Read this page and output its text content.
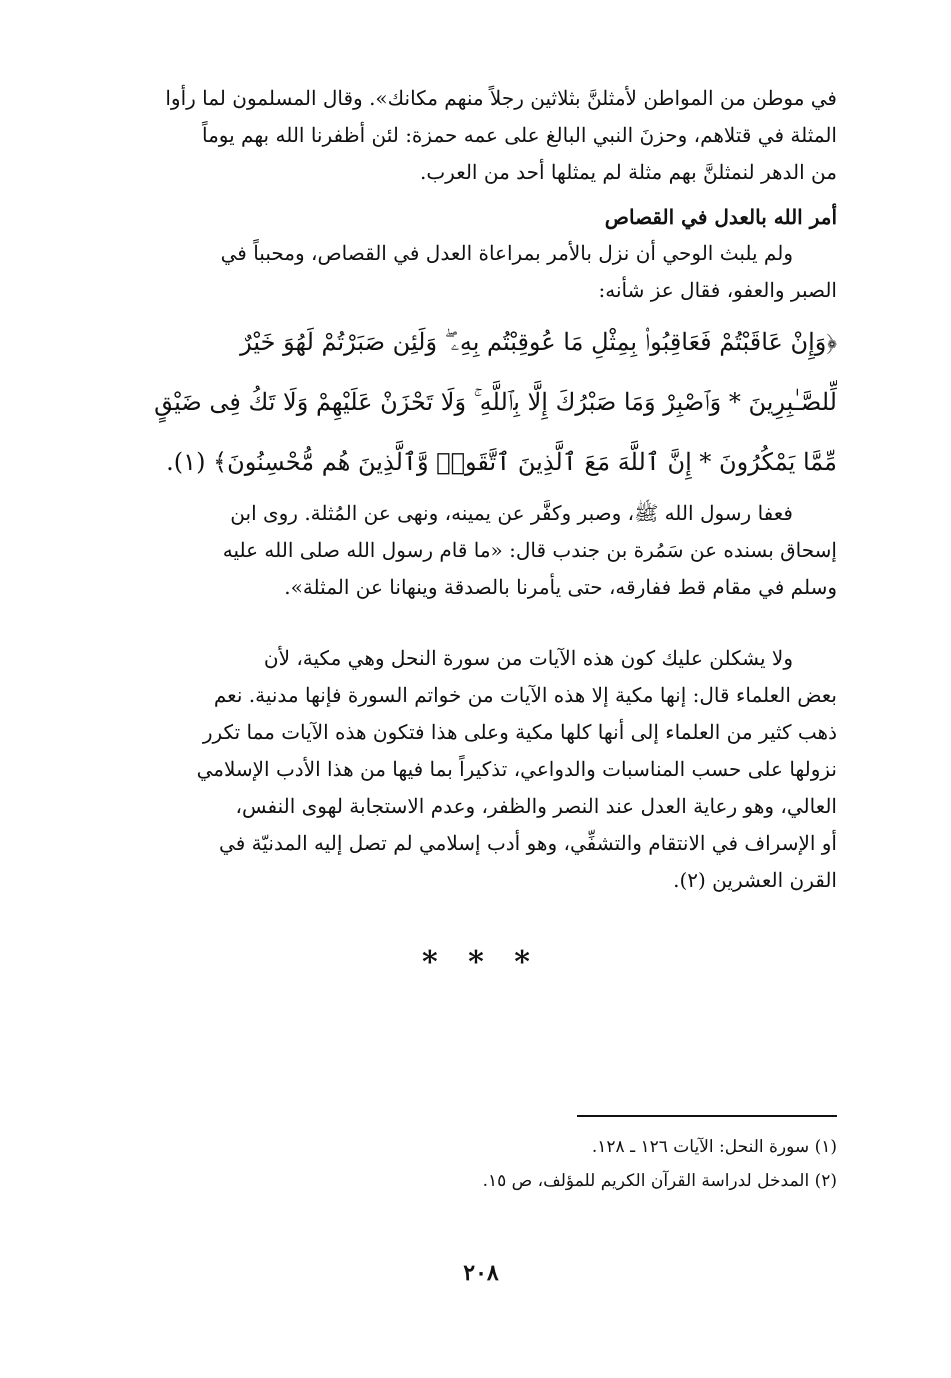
في موطن من المواطن لأمثلنَّ بثلاثين رجلاً منهم مكانك». وقال المسلمون لما رأوا
المثلة في قتلاهم، وحزنَ النبي البالغ على عمه حمزة: لئن أظفرنا الله بهم يوماً
من الدهر لنمثلنَّ بهم مثلة لم يمثلها أحد من العرب.
أمر الله بالعدل في القصاص
ولم يلبث الوحي أن نزل بالأمر بمراعاة العدل في القصاص، ومحبباً في
الصبر والعفو، فقال عز شأنه:
﴿وَإِنْ عَاقَبْتُمْ فَعَاقِبُوا۟ بِمِثْلِ مَا عُوقِبْتُم بِهِۦ ۖ وَلَئِن صَبَرْتُمْ لَهُوَ خَيْرٌ
لِّلصَّـٰبِرِينَ * وَٱصْبِرْ وَمَا صَبْرُكَ إِلَّا بِٱللَّهِ ۚ وَلَا تَحْزَنْ عَلَيْهِمْ وَلَا تَكُ فِى ضَيْقٍ
مِّمَّا يَمْكُرُونَ * إِنَّ ٱللَّهَ مَعَ ٱلَّذِينَ ٱتَّقَوا۟ وَّٱلَّذِينَ هُم مُّحْسِنُونَ﴾ (١).
فعفا رسول الله ﷺ، وصبر وكفَّر عن يمينه، ونهى عن المُثلة. روى ابن
إسحاق بسنده عن سَمُرة بن جندب قال: «ما قام رسول الله صلى الله عليه
وسلم في مقام قط ففارقه، حتى يأمرنا بالصدقة وينهانا عن المثلة».
ولا يشكلن عليك كون هذه الآيات من سورة النحل وهي مكية، لأن
بعض العلماء قال: إنها مكية إلا هذه الآيات من خواتم السورة فإنها مدنية. نعم
ذهب كثير من العلماء إلى أنها كلها مكية وعلى هذا فتكون هذه الآيات مما تكرر
نزولها على حسب المناسبات والدواعي، تذكيراً بما فيها من هذا الأدب الإسلامي
العالي، وهو رعاية العدل عند النصر والظفر، وعدم الاستجابة لهوى النفس،
أو الإسراف في الانتقام والتشفِّي، وهو أدب إسلامي لم تصل إليه المدنيّة في
القرن العشرين (٢).
* * *
(١) سورة النحل: الآيات ١٢٦ ـ ١٢٨.
(٢) المدخل لدراسة القرآن الكريم للمؤلف، ص ١٥.
٢٠٨
